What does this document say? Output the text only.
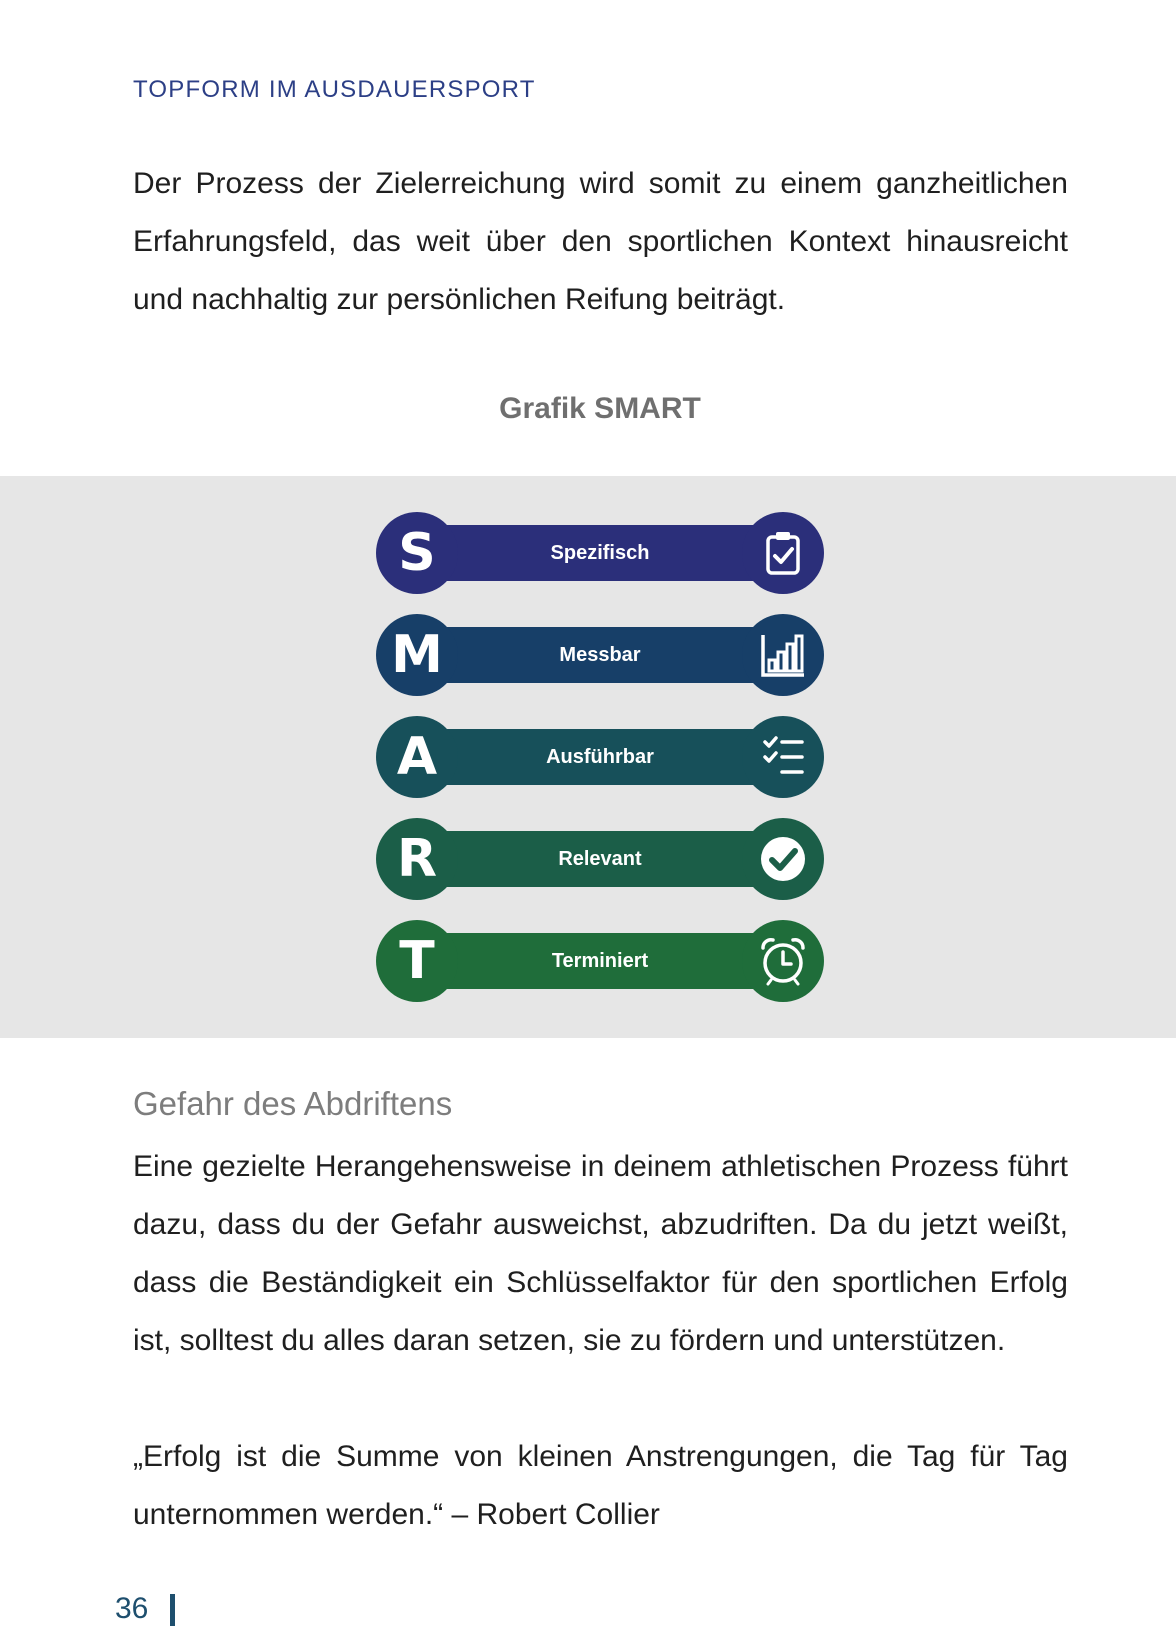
TOPFORM IM AUSDAUERSPORT

Der Prozess der Zielerreichung wird somit zu einem ganzheitlichen Erfahrungsfeld, das weit über den sportlichen Kontext hinausreicht und nachhaltig zur persönlichen Reifung beiträgt.

Grafik SMART
S	Spezifisch

M	Messbar

A	Ausführbar

R	Relevant

T	Terminiert

Gefahr des Abdriftens

Eine gezielte Herangehensweise in deinem athletischen Prozess führt dazu, dass du der Gefahr ausweichst, abzudriften. Da du jetzt weißt, dass die Beständigkeit ein Schlüsselfaktor für den sportlichen Erfolg ist, solltest du alles daran setzen, sie zu fördern und unterstützen.

„Erfolg ist die Summe von kleinen Anstrengungen, die Tag für Tag unternommen werden.“ – Robert Collier

36
